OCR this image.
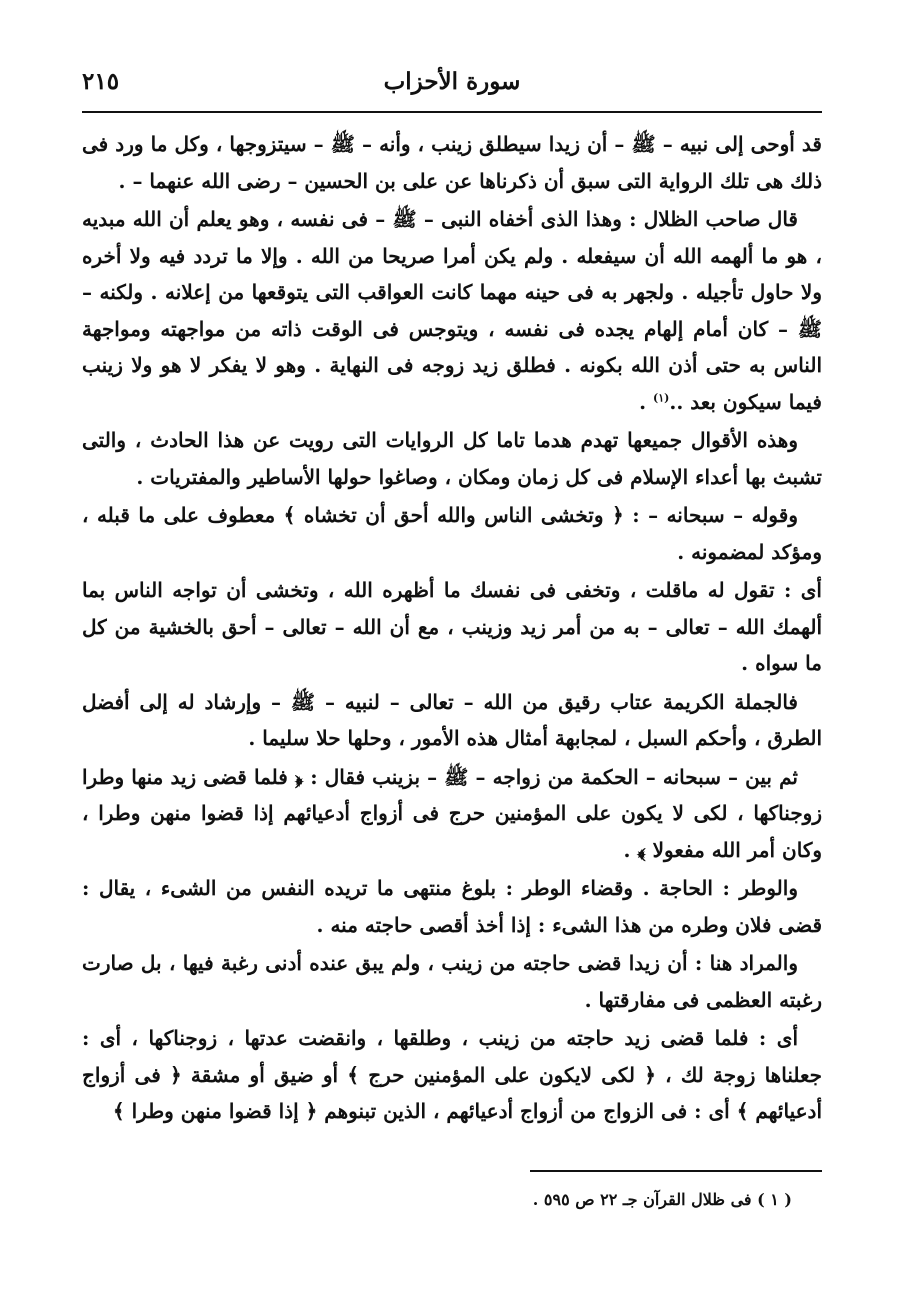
سورة الأحزاب
٢١٥

قد أوحى إلى نبيه – ﷺ – أن زيدا سيطلق زينب ، وأنه – ﷺ – سيتزوجها ، وكل ما ورد فى ذلك هى تلك الرواية التى سبق أن ذكرناها عن على بن الحسين – رضى الله عنهما – .

قال صاحب الظلال : وهذا الذى أخفاه النبى – ﷺ – فى نفسه ، وهو يعلم أن الله مبديه ، هو ما ألهمه الله أن سيفعله . ولم يكن أمرا صريحا من الله . وإلا ما تردد فيه ولا أخره ولا حاول تأجيله . ولجهر به فى حينه مهما كانت العواقب التى يتوقعها من إعلانه . ولكنه – ﷺ – كان أمام إلهام يجده فى نفسه ، ويتوجس فى الوقت ذاته من مواجهته ومواجهة الناس به حتى أذن الله بكونه . فطلق زيد زوجه فى النهاية . وهو لا يفكر لا هو ولا زينب فيما سيكون بعد ..$^{(١)}$ .

وهذه الأقوال جميعها تهدم هدما تاما كل الروايات التى رويت عن هذا الحادث ، والتى تشبث بها أعداء الإسلام فى كل زمان ومكان ، وصاغوا حولها الأساطير والمفتريات .

وقوله – سبحانه – : ﴿ وتخشى الناس والله أحق أن تخشاه ﴾ معطوف على ما قبله ، ومؤكد لمضمونه .

أى : تقول له ماقلت ، وتخفى فى نفسك ما أظهره الله ، وتخشى أن تواجه الناس بما ألهمك الله – تعالى – به من أمر زيد وزينب ، مع أن الله – تعالى – أحق بالخشية من كل ما سواه .

فالجملة الكريمة عتاب رقيق من الله – تعالى – لنبيه – ﷺ – وإرشاد له إلى أفضل الطرق ، وأحكم السبل ، لمجابهة أمثال هذه الأمور ، وحلها حلا سليما .

ثم بين – سبحانه – الحكمة من زواجه – ﷺ – بزينب فقال : ﴿ فلما قضى زيد منها وطرا زوجناكها ، لكى لا يكون على المؤمنين حرج فى أزواج أدعيائهم إذا قضوا منهن وطرا ، وكان أمر الله مفعولا ﴾ .

والوطر : الحاجة . وقضاء الوطر : بلوغ منتهى ما تريده النفس من الشىء ، يقال : قضى فلان وطره من هذا الشىء : إذا أخذ أقصى حاجته منه .

والمراد هنا : أن زيدا قضى حاجته من زينب ، ولم يبق عنده أدنى رغبة فيها ، بل صارت رغبته العظمى فى مفارقتها .

أى : فلما قضى زيد حاجته من زينب ، وطلقها ، وانقضت عدتها ، زوجناكها ، أى : جعلناها زوجة لك ، ﴿ لكى لايكون على المؤمنين حرج ﴾ أو ضيق أو مشقة ﴿ فى أزواج أدعيائهم ﴾ أى : فى الزواج من أزواج أدعيائهم ، الذين تبنوهم ﴿ إذا قضوا منهن وطرا ﴾

( ١ ) فى ظلال القرآن جـ ٢٢ ص ٥٩٥ .
